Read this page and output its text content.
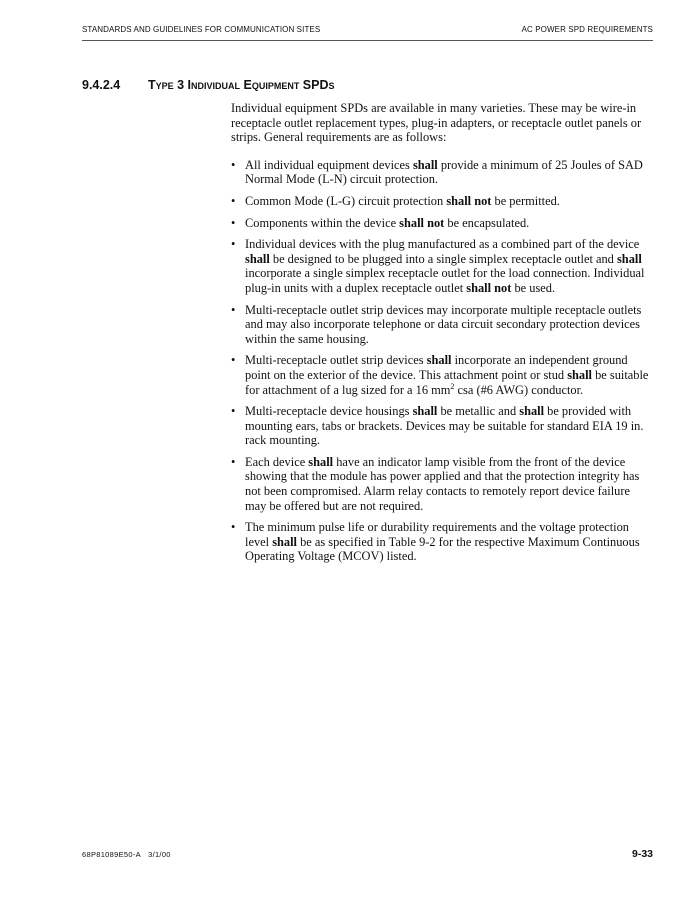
STANDARDS AND GUIDELINES FOR COMMUNICATION SITES	AC POWER SPD REQUIREMENTS
9.4.2.4 Type 3 Individual Equipment SPDs

Individual equipment SPDs are available in many varieties. These may be wire-in receptacle outlet replacement types, plug-in adapters, or receptacle outlet panels or strips. General requirements are as follows:

• All individual equipment devices shall provide a minimum of 25 Joules of SAD Normal Mode (L-N) circuit protection.
• Common Mode (L-G) circuit protection shall not be permitted.
• Components within the device shall not be encapsulated.
• Individual devices with the plug manufactured as a combined part of the device shall be designed to be plugged into a single simplex receptacle outlet and shall incorporate a single simplex receptacle outlet for the load connection. Individual plug-in units with a duplex receptacle outlet shall not be used.
• Multi-receptacle outlet strip devices may incorporate multiple receptacle outlets and may also incorporate telephone or data circuit secondary protection devices within the same housing.
• Multi-receptacle outlet strip devices shall incorporate an independent ground point on the exterior of the device. This attachment point or stud shall be suitable for attachment of a lug sized for a 16 $mm^2$ csa (#6 AWG) conductor.
• Multi-receptacle device housings shall be metallic and shall be provided with mounting ears, tabs or brackets. Devices may be suitable for standard EIA 19 in. rack mounting.
• Each device shall have an indicator lamp visible from the front of the device showing that the module has power applied and that the protection integrity has not been compromised. Alarm relay contacts to remotely report device failure may be offered but are not required.
• The minimum pulse life or durability requirements and the voltage protection level shall be as specified in Table 9-2 for the respective Maximum Continuous Operating Voltage (MCOV) listed.
68P81089E50-A 3/1/00	9-33
